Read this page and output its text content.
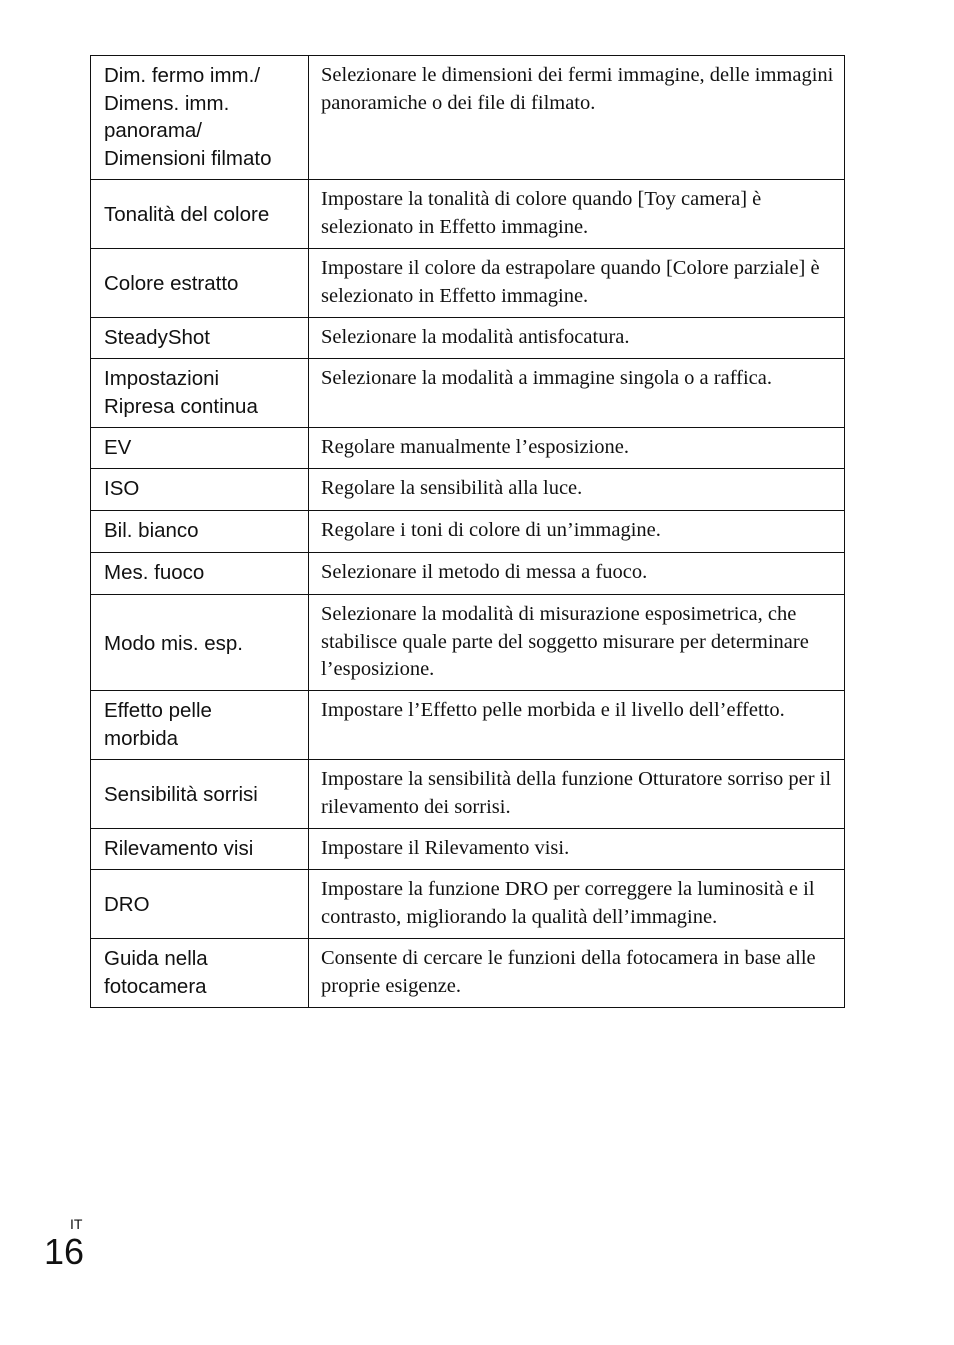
Dim. fermo imm./
Dimens. imm.
panorama/
Dimensioni filmato	Selezionare le dimensioni dei fermi immagine, delle immagini panoramiche o dei file di filmato.
Tonalità del colore	Impostare la tonalità di colore quando [Toy camera] è selezionato in Effetto immagine.
Colore estratto	Impostare il colore da estrapolare quando [Colore parziale] è selezionato in Effetto immagine.
SteadyShot	Selezionare la modalità antisfocatura.

Impostazioni
Ripresa continua	Selezionare la modalità a immagine singola o a raffica.
EV	Regolare manualmente l’esposizione.
ISO	Regolare la sensibilità alla luce.
Bil. bianco	Regolare i toni di colore di un’immagine.
Mes. fuoco	Selezionare il metodo di messa a fuoco.
Modo mis. esp.	Selezionare la modalità di misurazione esposimetrica, che stabilisce quale parte del soggetto misurare per determinare l’esposizione.

Effetto pelle
morbida	Impostare l’Effetto pelle morbida e il livello dell’effetto.
Sensibilità sorrisi	Impostare la sensibilità della funzione Otturatore sorriso per il rilevamento dei sorrisi.
Rilevamento visi	Impostare il Rilevamento visi.
DRO	Impostare la funzione DRO per correggere la luminosità e il contrasto, migliorando la qualità dell’immagine.

Guida nella
fotocamera	Consente di cercare le funzioni della fotocamera in base alle proprie esigenze.
IT
16
